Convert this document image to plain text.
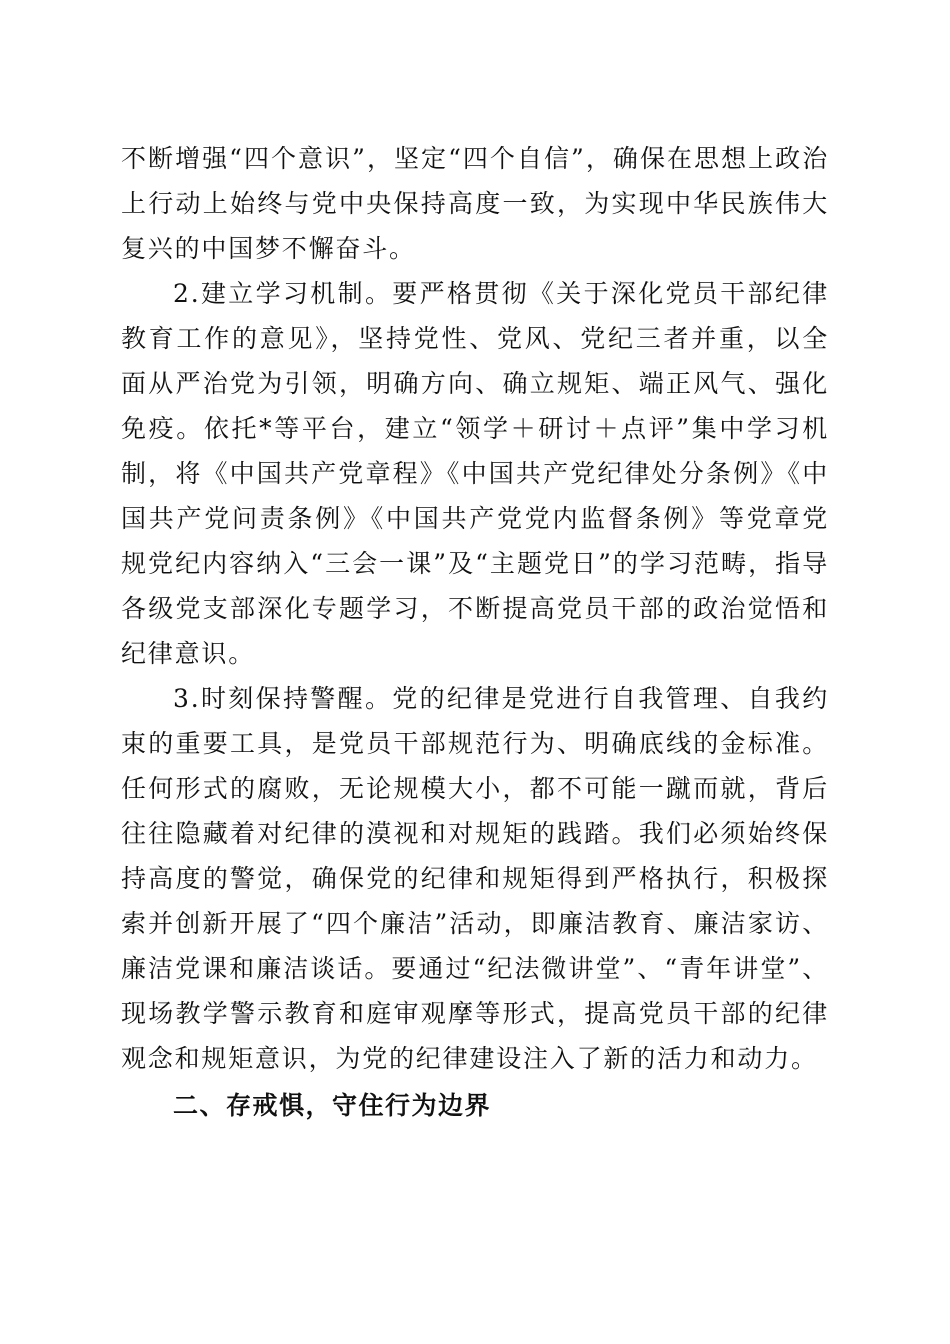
不断增强“四个意识”，坚定“四个自信”，确保在思想上政治上行动上始终与党中央保持高度一致，为实现中华民族伟大复兴的中国梦不懈奋斗。

2.建立学习机制。要严格贯彻《关于深化党员干部纪律教育工作的意见》，坚持党性、党风、党纪三者并重，以全面从严治党为引领，明确方向、确立规矩、端正风气、强化免疫。依托*等平台，建立“领学＋研讨＋点评”集中学习机制，将《中国共产党章程》《中国共产党纪律处分条例》《中国共产党问责条例》《中国共产党党内监督条例》等党章党规党纪内容纳入“三会一课”及“主题党日”的学习范畴，指导各级党支部深化专题学习，不断提高党员干部的政治觉悟和纪律意识。

3.时刻保持警醒。党的纪律是党进行自我管理、自我约束的重要工具，是党员干部规范行为、明确底线的金标准。任何形式的腐败，无论规模大小，都不可能一蹴而就，背后往往隐藏着对纪律的漠视和对规矩的践踏。我们必须始终保持高度的警觉，确保党的纪律和规矩得到严格执行，积极探索并创新开展了“四个廉洁”活动，即廉洁教育、廉洁家访、廉洁党课和廉洁谈话。要通过“纪法微讲堂”、“青年讲堂”、现场教学警示教育和庭审观摩等形式，提高党员干部的纪律观念和规矩意识，为党的纪律建设注入了新的活力和动力。

二、存戒惧，守住行为边界
